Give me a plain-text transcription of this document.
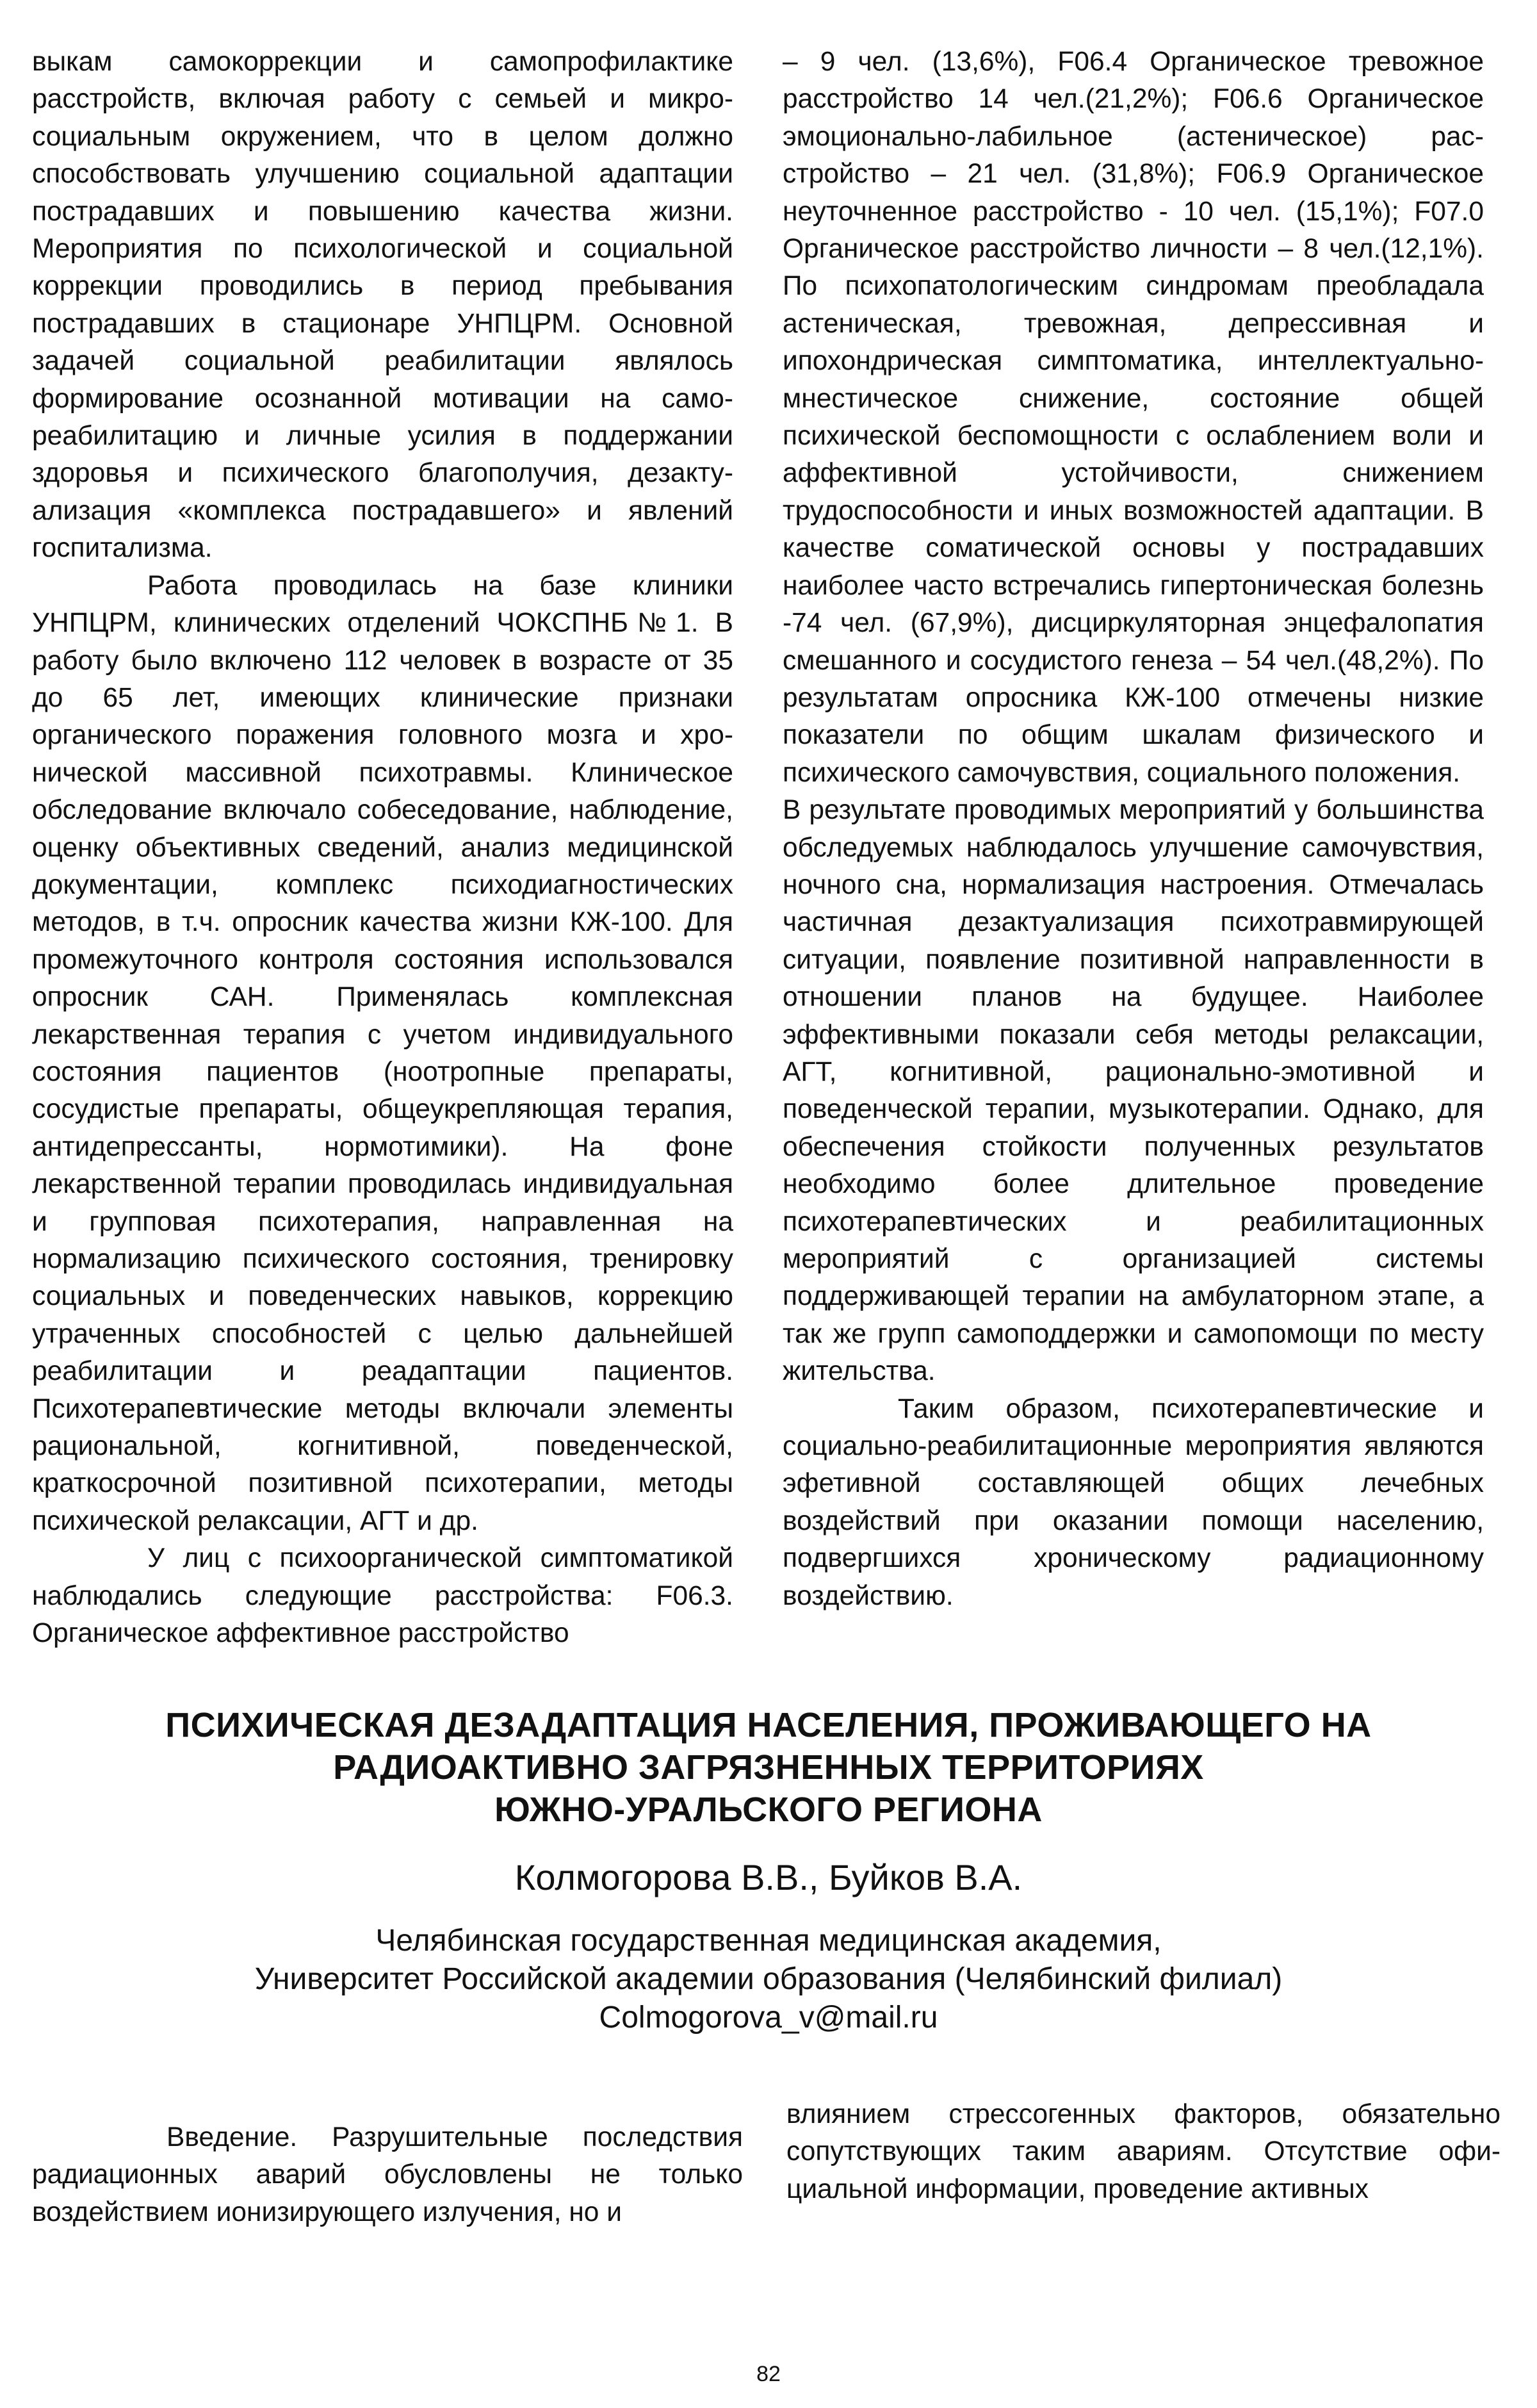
выкам самокоррекции и самопрофилактике расстройств, включая работу с семьей и микросоциальным окружением, что в целом должно способствовать улучшению социальной адаптации пострадавших и повышению качества жизни. Мероприятия по психологической и социальной коррекции проводились в период пребывания пострадавших в стационаре УНПЦРМ. Основной задачей социальной реабилитации являлось формирование осознанной мотивации на самореабилитацию и личные усилия в поддержании здоровья и психического благополучия, дезактуализация «комплекса пострадавшего» и явлений госпитализма.

Работа проводилась на базе клиники УНПЦРМ, клинических отделений ЧОКСПНБ№1. В работу было включено 112 человек в возрасте от 35 до 65 лет, имеющих клинические признаки органического поражения головного мозга и хронической массивной психотравмы. Клиническое обследование включало собеседование, наблюдение, оценку объективных сведений, анализ медицинской документации, комплекс психодиагностических методов, в т.ч. опросник качества жизни КЖ-100. Для промежуточного контроля состояния использовался опросник САН. Применялась комплексная лекарственная терапия с учетом индивидуального состояния пациентов (ноотропные препараты, сосудистые препараты, общеукрепляющая терапия, антидепрессанты, нормотимики). На фоне лекарственной терапии проводилась индивидуальная и групповая психотерапия, направленная на нормализацию психического состояния, тренировку социальных и поведенческих навыков, коррекцию утраченных способностей с целью дальнейшей реабилитации и реадаптации пациентов. Психотерапевтические методы включали элементы рациональной, когнитивной, поведенческой, краткосрочной позитивной психотерапии, методы психической релаксации, АГТ и др.

У лиц с психоорганической симптоматикой наблюдались следующие расстройства: F06.3. Органическое аффективное расстройство

– 9 чел. (13,6%), F06.4 Органическое тревожное расстройство 14 чел.(21,2%); F06.6 Органическое эмоционально-лабильное (астеническое) расстройство – 21 чел. (31,8%); F06.9 Органическое неуточненное расстройство - 10 чел. (15,1%); F07.0 Органическое расстройство личности – 8 чел.(12,1%). По психопатологическим синдромам преобладала астеническая, тревожная, депрессивная и ипохондрическая симптоматика, интеллектуально-мнестическое снижение, состояние общей психической беспомощности с ослаблением воли и аффективной устойчивости, снижением трудоспособности и иных возможностей адаптации. В качестве соматической основы у пострадавших наиболее часто встречались гипертоническая болезнь -74 чел. (67,9%), дисциркуляторная энцефалопатия смешанного и сосудистого генеза – 54 чел.(48,2%). По результатам опросника КЖ-100 отмечены низкие показатели по общим шкалам физического и психического самочувствия, социального положения.

В результате проводимых мероприятий у большинства обследуемых наблюдалось улучшение самочувствия, ночного сна, нормализация настроения. Отмечалась частичная дезактуализация психотравмирующей ситуации, появление позитивной направленности в отношении планов на будущее. Наиболее эффективными показали себя методы релаксации, АГТ, когнитивной, рационально-эмотивной и поведенческой терапии, музыкотерапии. Однако, для обеспечения стойкости полученных результатов необходимо более длительное проведение психотерапевтических и реабилитационных мероприятий с организацией системы поддерживающей терапии на амбулаторном этапе, а так же групп самоподдержки и самопомощи по месту жительства.

Таким образом, психотерапевтические и социально-реабилитационные мероприятия являются эфетивной составляющей общих лечебных воздействий при оказании помощи населению, подвергшихся хроническому радиационному воздействию.

ПСИХИЧЕСКАЯ ДЕЗАДАПТАЦИЯ НАСЕЛЕНИЯ, ПРОЖИВАЮЩЕГО НА
РАДИОАКТИВНО ЗАГРЯЗНЕННЫХ ТЕРРИТОРИЯХ
ЮЖНО-УРАЛЬСКОГО РЕГИОНА
Колмогорова В.В., Буйков В.А.
Челябинская государственная медицинская академия,
Университет Российской академии образования (Челябинский филиал)
Colmogorova_v@mail.ru

Введение. Разрушительные последствия радиационных аварий обусловлены не только воздействием ионизирующего излучения, но и

влиянием стрессогенных факторов, обязательно сопутствующих таким авариям. Отсутствие официальной информации, проведение активных

82
